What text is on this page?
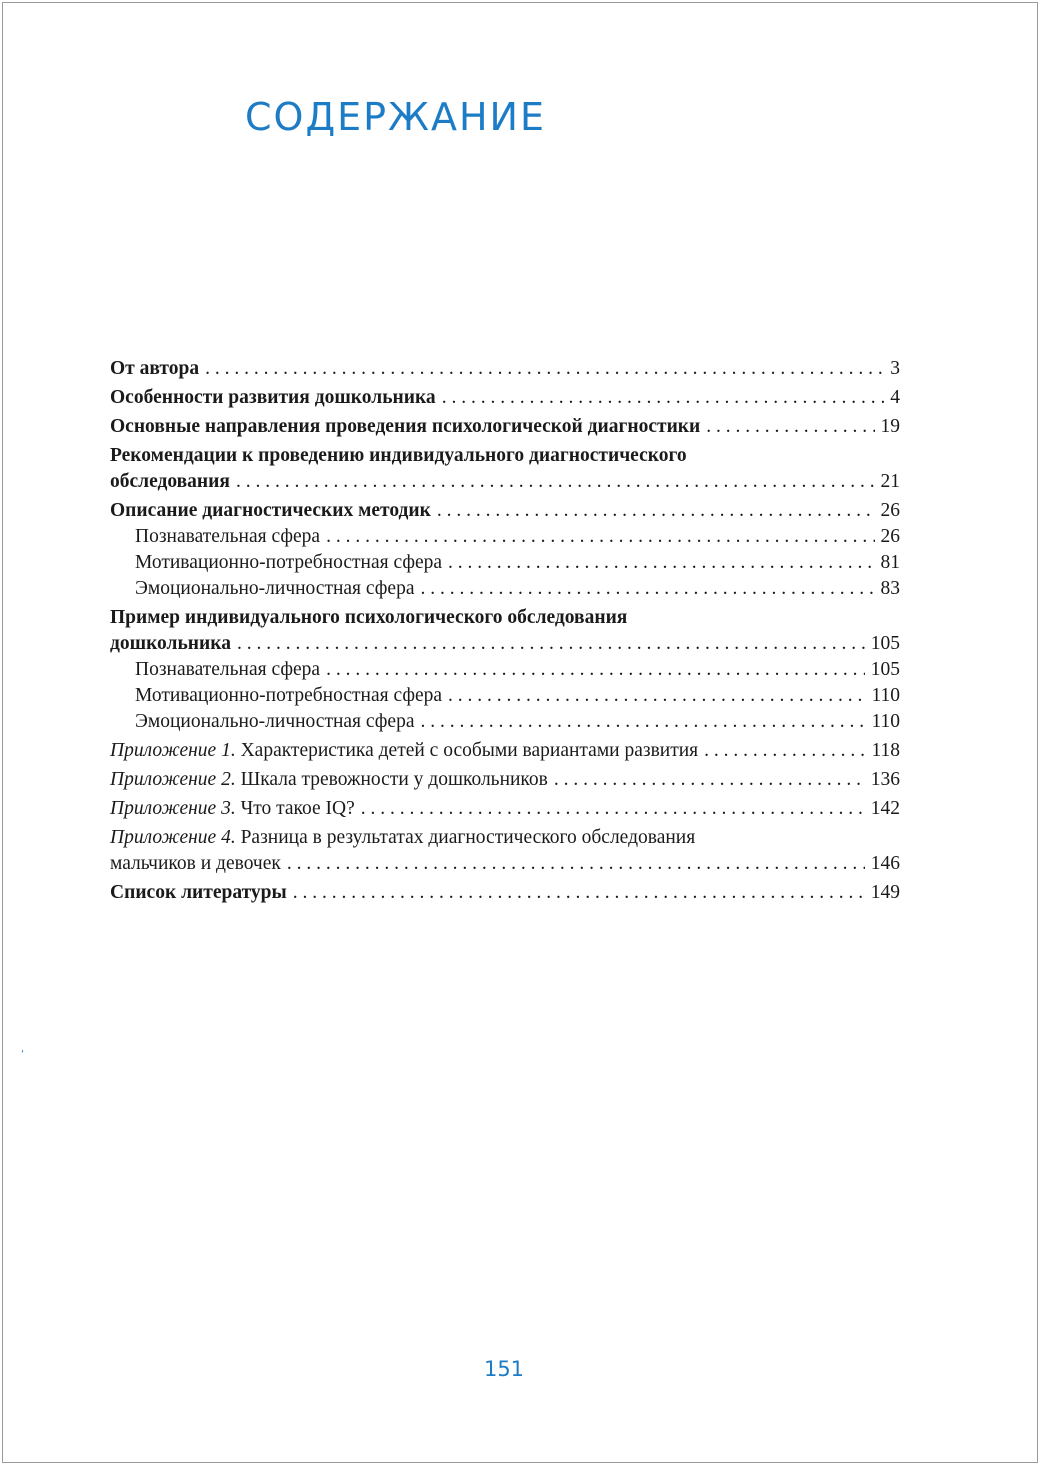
СОДЕРЖАНИЕ
От автора . . .	3
Особенности развития дошкольника . . .	4
Основные направления проведения психологической диагностики . . .	19
Рекомендации к проведению индивидуального диагностического
обследования . . .	21
Описание диагностических методик . . .	26
Познавательная сфера . . .	26
Мотивационно-потребностная сфера . . .	81
Эмоционально-личностная сфера . . .	83
Пример индивидуального психологического обследования
дошкольника . . .	105
Познавательная сфера . . .	105
Мотивационно-потребностная сфера . . .	110
Эмоционально-личностная сфера . . .	110
Приложение 1. Характеристика детей с особыми вариантами развития . . .	118
Приложение 2. Шкала тревожности у дошкольников . . .	136
Приложение 3. Что такое IQ? . . .	142
Приложение 4. Разница в результатах диагностического обследования
мальчиков и девочек . . .	146
Список литературы . . .	149
‘
151
